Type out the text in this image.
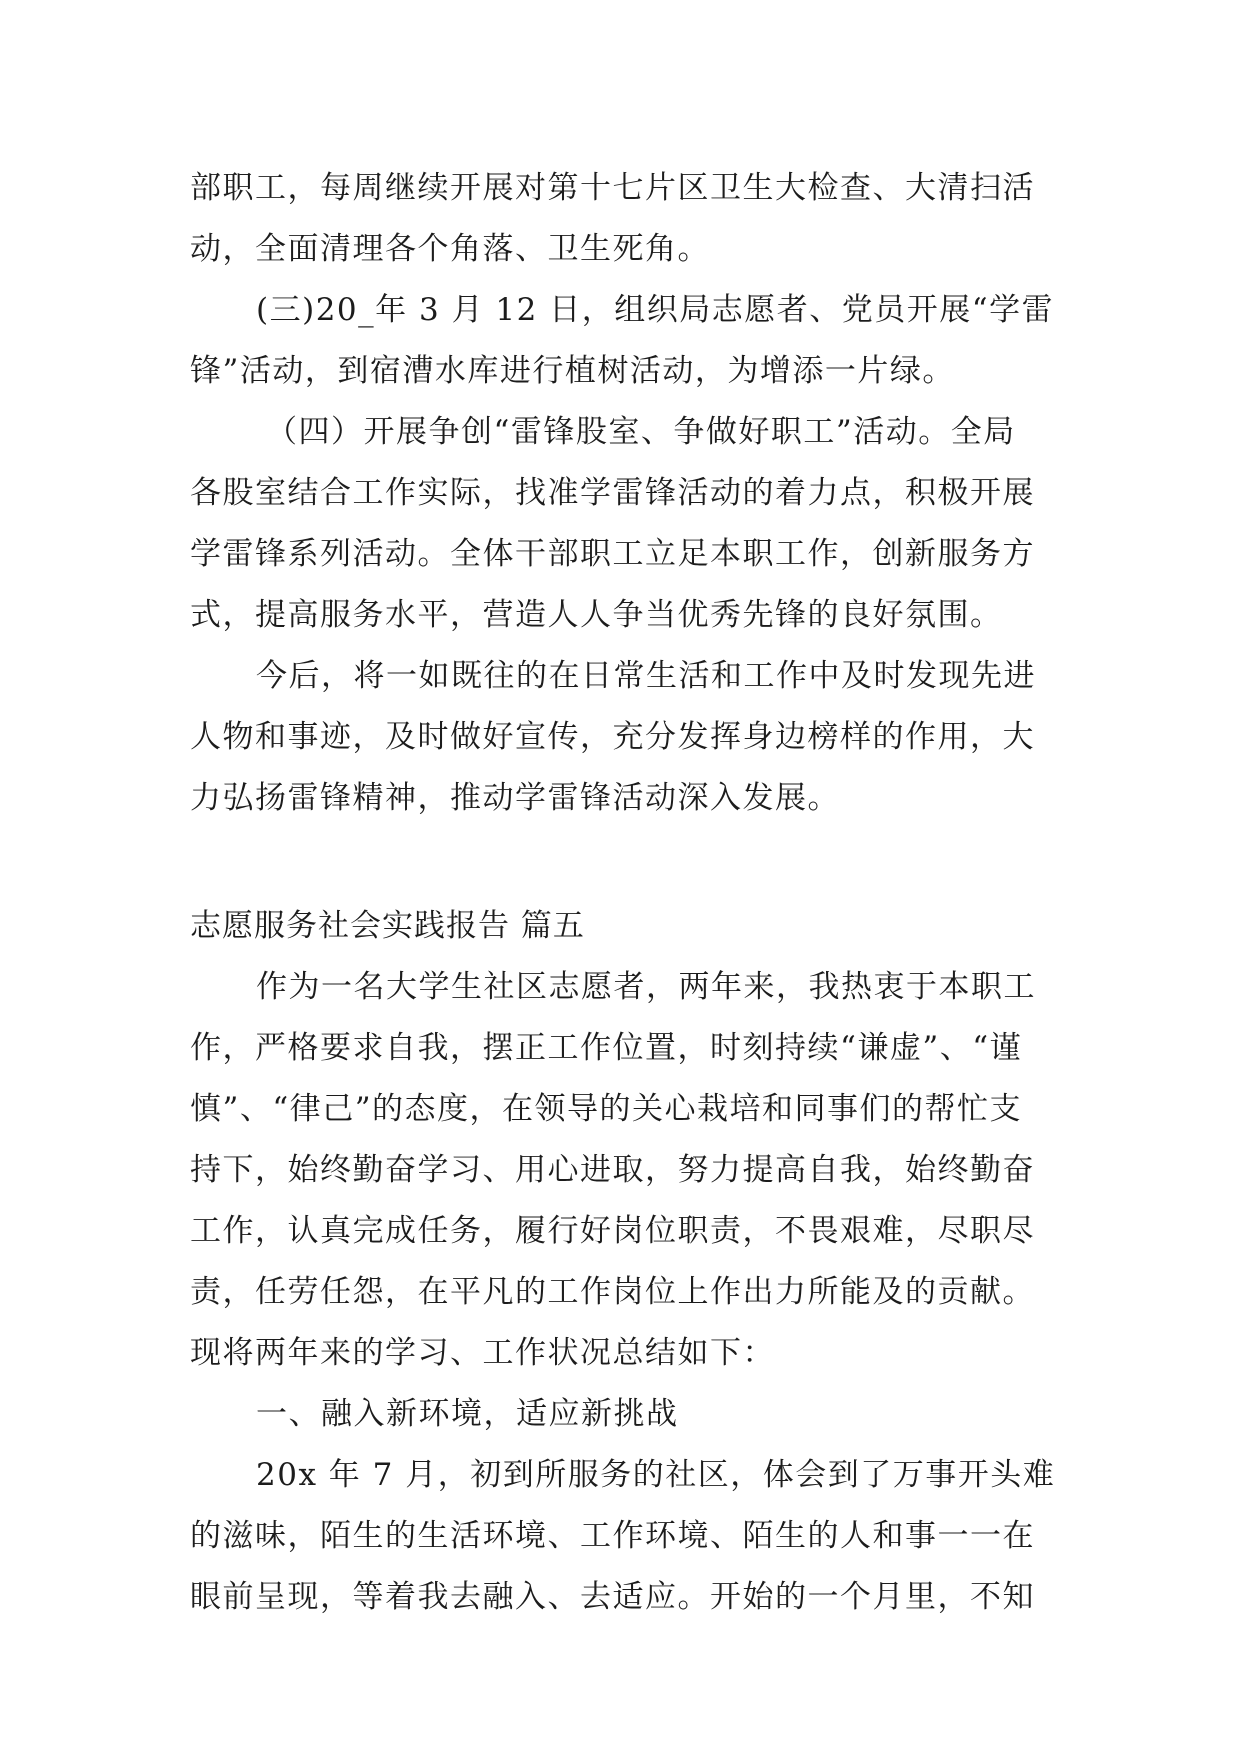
部职工，每周继续开展对第十七片区卫生大检查、大清扫活
动，全面清理各个角落、卫生死角。
(三)20_年 3 月 12 日，组织局志愿者、党员开展“学雷
锋”活动，到宿漕水库进行植树活动，为增添一片绿。
（四）开展争创“雷锋股室、争做好职工”活动。全局
各股室结合工作实际，找准学雷锋活动的着力点，积极开展
学雷锋系列活动。全体干部职工立足本职工作，创新服务方
式，提高服务水平，营造人人争当优秀先锋的良好氛围。
今后，将一如既往的在日常生活和工作中及时发现先进
人物和事迹，及时做好宣传，充分发挥身边榜样的作用，大
力弘扬雷锋精神，推动学雷锋活动深入发展。
志愿服务社会实践报告 篇五
作为一名大学生社区志愿者，两年来，我热衷于本职工
作，严格要求自我，摆正工作位置，时刻持续“谦虚”、“谨
慎”、“律己”的态度，在领导的关心栽培和同事们的帮忙支
持下，始终勤奋学习、用心进取，努力提高自我，始终勤奋
工作，认真完成任务，履行好岗位职责，不畏艰难，尽职尽
责，任劳任怨，在平凡的工作岗位上作出力所能及的贡献。
现将两年来的学习、工作状况总结如下：
一、融入新环境，适应新挑战
20x 年 7 月，初到所服务的社区，体会到了万事开头难
的滋味，陌生的生活环境、工作环境、陌生的人和事一一在
眼前呈现，等着我去融入、去适应。开始的一个月里，不知
